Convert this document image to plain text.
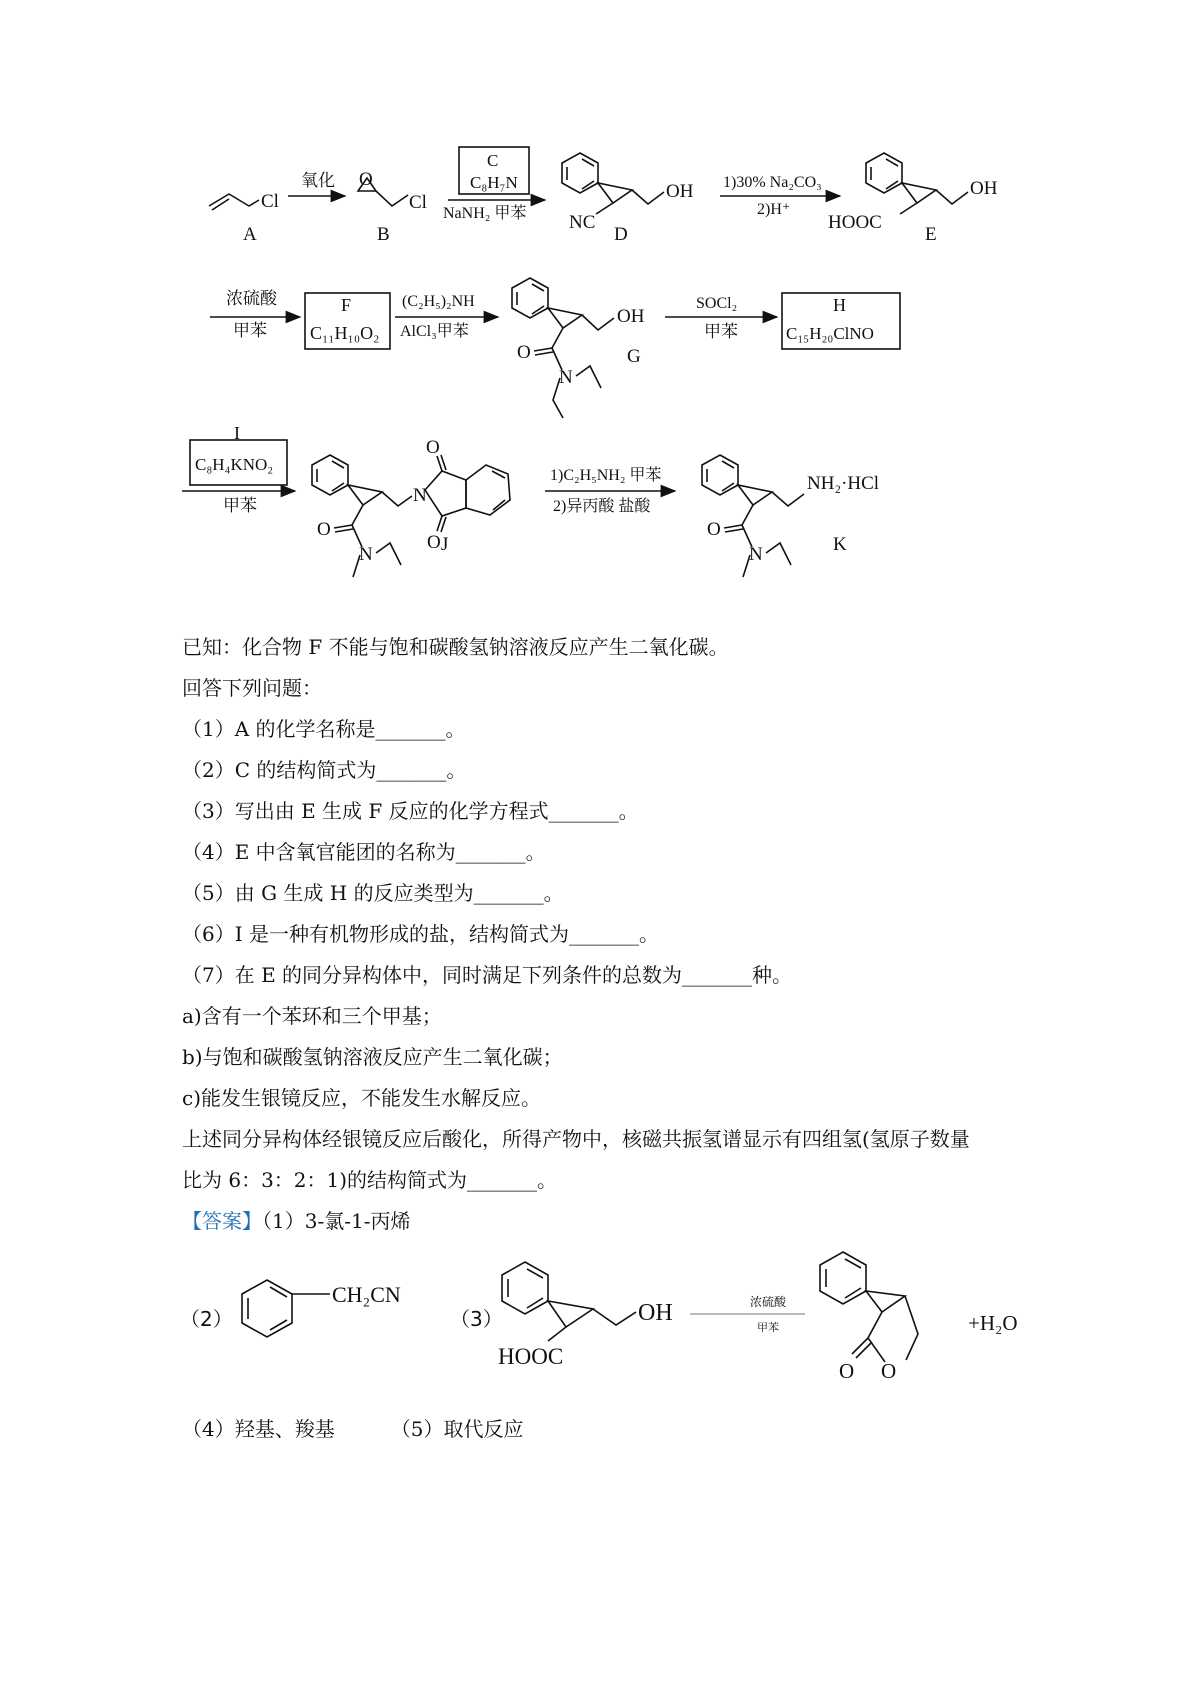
A
Cl
氧化 O
Cl
B
C
C₈H₇N
NaNH₂ 甲苯 NC
OH
D
1)30% Na₂CO₃
2)H⁺
HOOC
OH
E
浓硫酸
甲苯
F
C₁₁H₁₀O₂
(C₂H₅)₂NH
AlCl₃甲苯
OH
O
N
G
SOCl₂
甲苯
H
C₁₅H₂₀ClNO
I
C₈H₄KNO₂
甲苯	N
O
O
O
N	J
1)C₂H₅NH₂ 甲苯
2)异丙酸 盐酸
NH₂·HCl
O
N	K
已知：化合物 F 不能与饱和碳酸氢钠溶液反应产生二氧化碳。
回答下列问题：
（1）A 的化学名称是_______。
（2）C 的结构简式为_______。
（3）写出由 E 生成 F 反应的化学方程式_______。
（4）E 中含氧官能团的名称为_______。
（5）由 G 生成 H 的反应类型为_______。
（6）I 是一种有机物形成的盐，结构简式为_______。
（7）在 E 的同分异构体中，同时满足下列条件的总数为_______种。
a)含有一个苯环和三个甲基；
b)与饱和碳酸氢钠溶液反应产生二氧化碳；
c)能发生银镜反应，不能发生水解反应。
上述同分异构体经银镜反应后酸化，所得产物中，核磁共振氢谱显示有四组氢(氢原子数量
比为 6：3：2：1)的结构简式为_______。
【答案】（1）3-氯-1-丙烯
（2）
CH₂CN
（3）	OH
HOOC
浓硫酸
甲苯
O O
+H₂O
（4）羟基、羧基	（5）取代反应
